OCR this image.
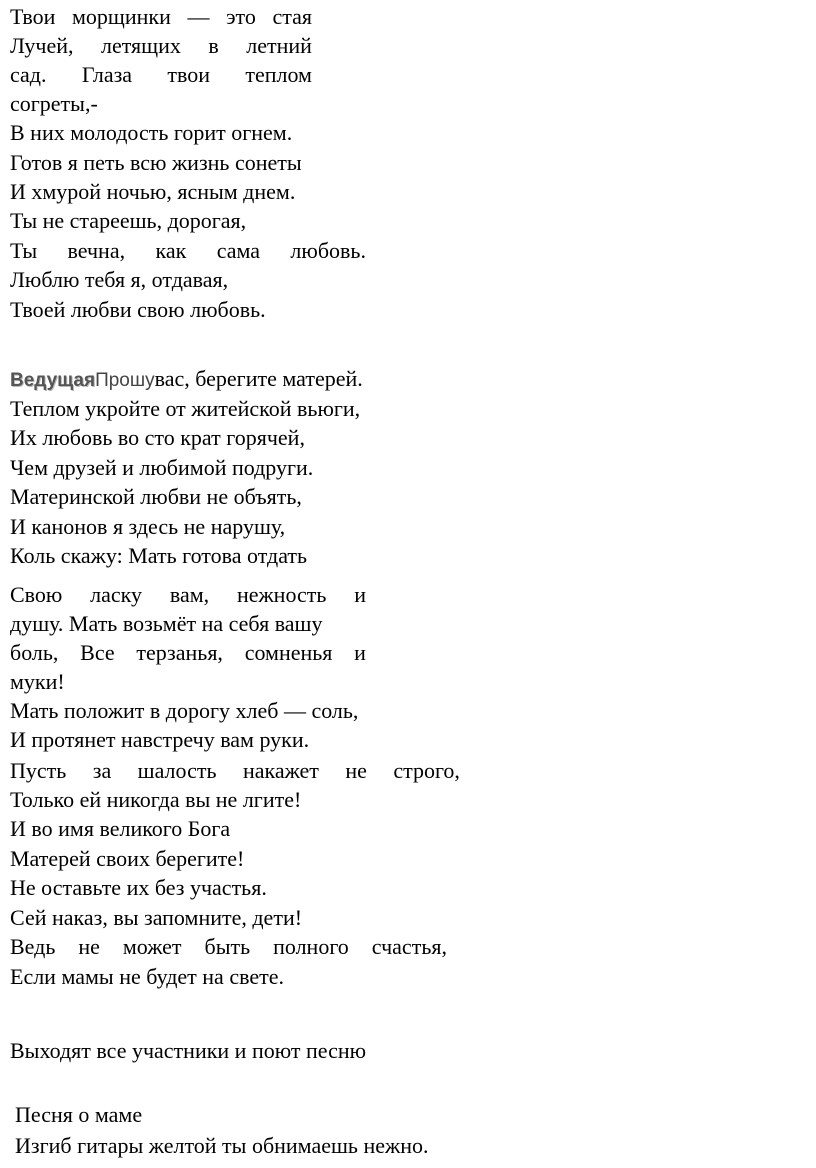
Твои морщинки — это стая

Лучей, летящих в летний

сад. Глаза твои теплом

согреты,-

В них молодость горит огнем.

Готов я петь всю жизнь сонеты

И хмурой ночью, ясным днем.

Ты не стареешь, дорогая,

Ты вечна, как сама любовь.

Люблю тебя я, отдавая,

Твоей любви свою любовь.

Ведущая Прошу вас, берегите матерей.

Теплом укройте от житейской вьюги,

Их любовь во сто крат горячей,

Чем друзей и любимой подруги.

Материнской любви не объять,

И канонов я здесь не нарушу,

Коль скажу: Мать готова отдать

Свою ласку вам, нежность и

душу. Мать возьмёт на себя вашу

боль, Все терзанья, сомненья и

муки!

Мать положит в дорогу хлеб — соль,

И протянет навстречу вам руки.

Пусть за шалость накажет не строго,

Только ей никогда вы не лгите!

И во имя великого Бога

Матерей своих берегите!

Не оставьте их без участья.

Сей наказ, вы запомните, дети!

Ведь не может быть полного счастья,

Если мамы не будет на свете.

Выходят все участники и поют песню

Песня о маме

Изгиб гитары желтой ты обнимаешь нежно.
